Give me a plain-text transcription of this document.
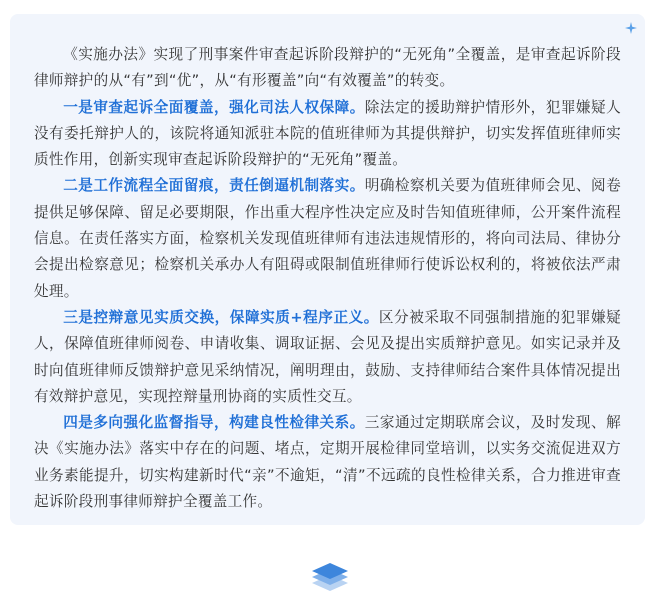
《实施办法》实现了刑事案件审查起诉阶段辩护的“无死角”全覆盖，是审查起诉阶段律师辩护的从“有”到“优”，从“有形覆盖”向“有效覆盖”的转变。

一是审查起诉全面覆盖，强化司法人权保障。除法定的援助辩护情形外，犯罪嫌疑人没有委托辩护人的，该院将通知派驻本院的值班律师为其提供辩护，切实发挥值班律师实质性作用，创新实现审查起诉阶段辩护的“无死角”覆盖。

二是工作流程全面留痕，责任倒逼机制落实。明确检察机关要为值班律师会见、阅卷提供足够保障、留足必要期限，作出重大程序性决定应及时告知值班律师，公开案件流程信息。在责任落实方面，检察机关发现值班律师有违法违规情形的，将向司法局、律协分会提出检察意见；检察机关承办人有阻碍或限制值班律师行使诉讼权利的，将被依法严肃处理。

三是控辩意见实质交换，保障实质+程序正义。区分被采取不同强制措施的犯罪嫌疑人，保障值班律师阅卷、申请收集、调取证据、会见及提出实质辩护意见。如实记录并及时向值班律师反馈辩护意见采纳情况，阐明理由，鼓励、支持律师结合案件具体情况提出有效辩护意见，实现控辩量刑协商的实质性交互。

四是多向强化监督指导，构建良性检律关系。三家通过定期联席会议，及时发现、解决《实施办法》落实中存在的问题、堵点，定期开展检律同堂培训，以实务交流促进双方业务素能提升，切实构建新时代“亲”不逾矩，“清”不远疏的良性检律关系，合力推进审查起诉阶段刑事律师辩护全覆盖工作。
